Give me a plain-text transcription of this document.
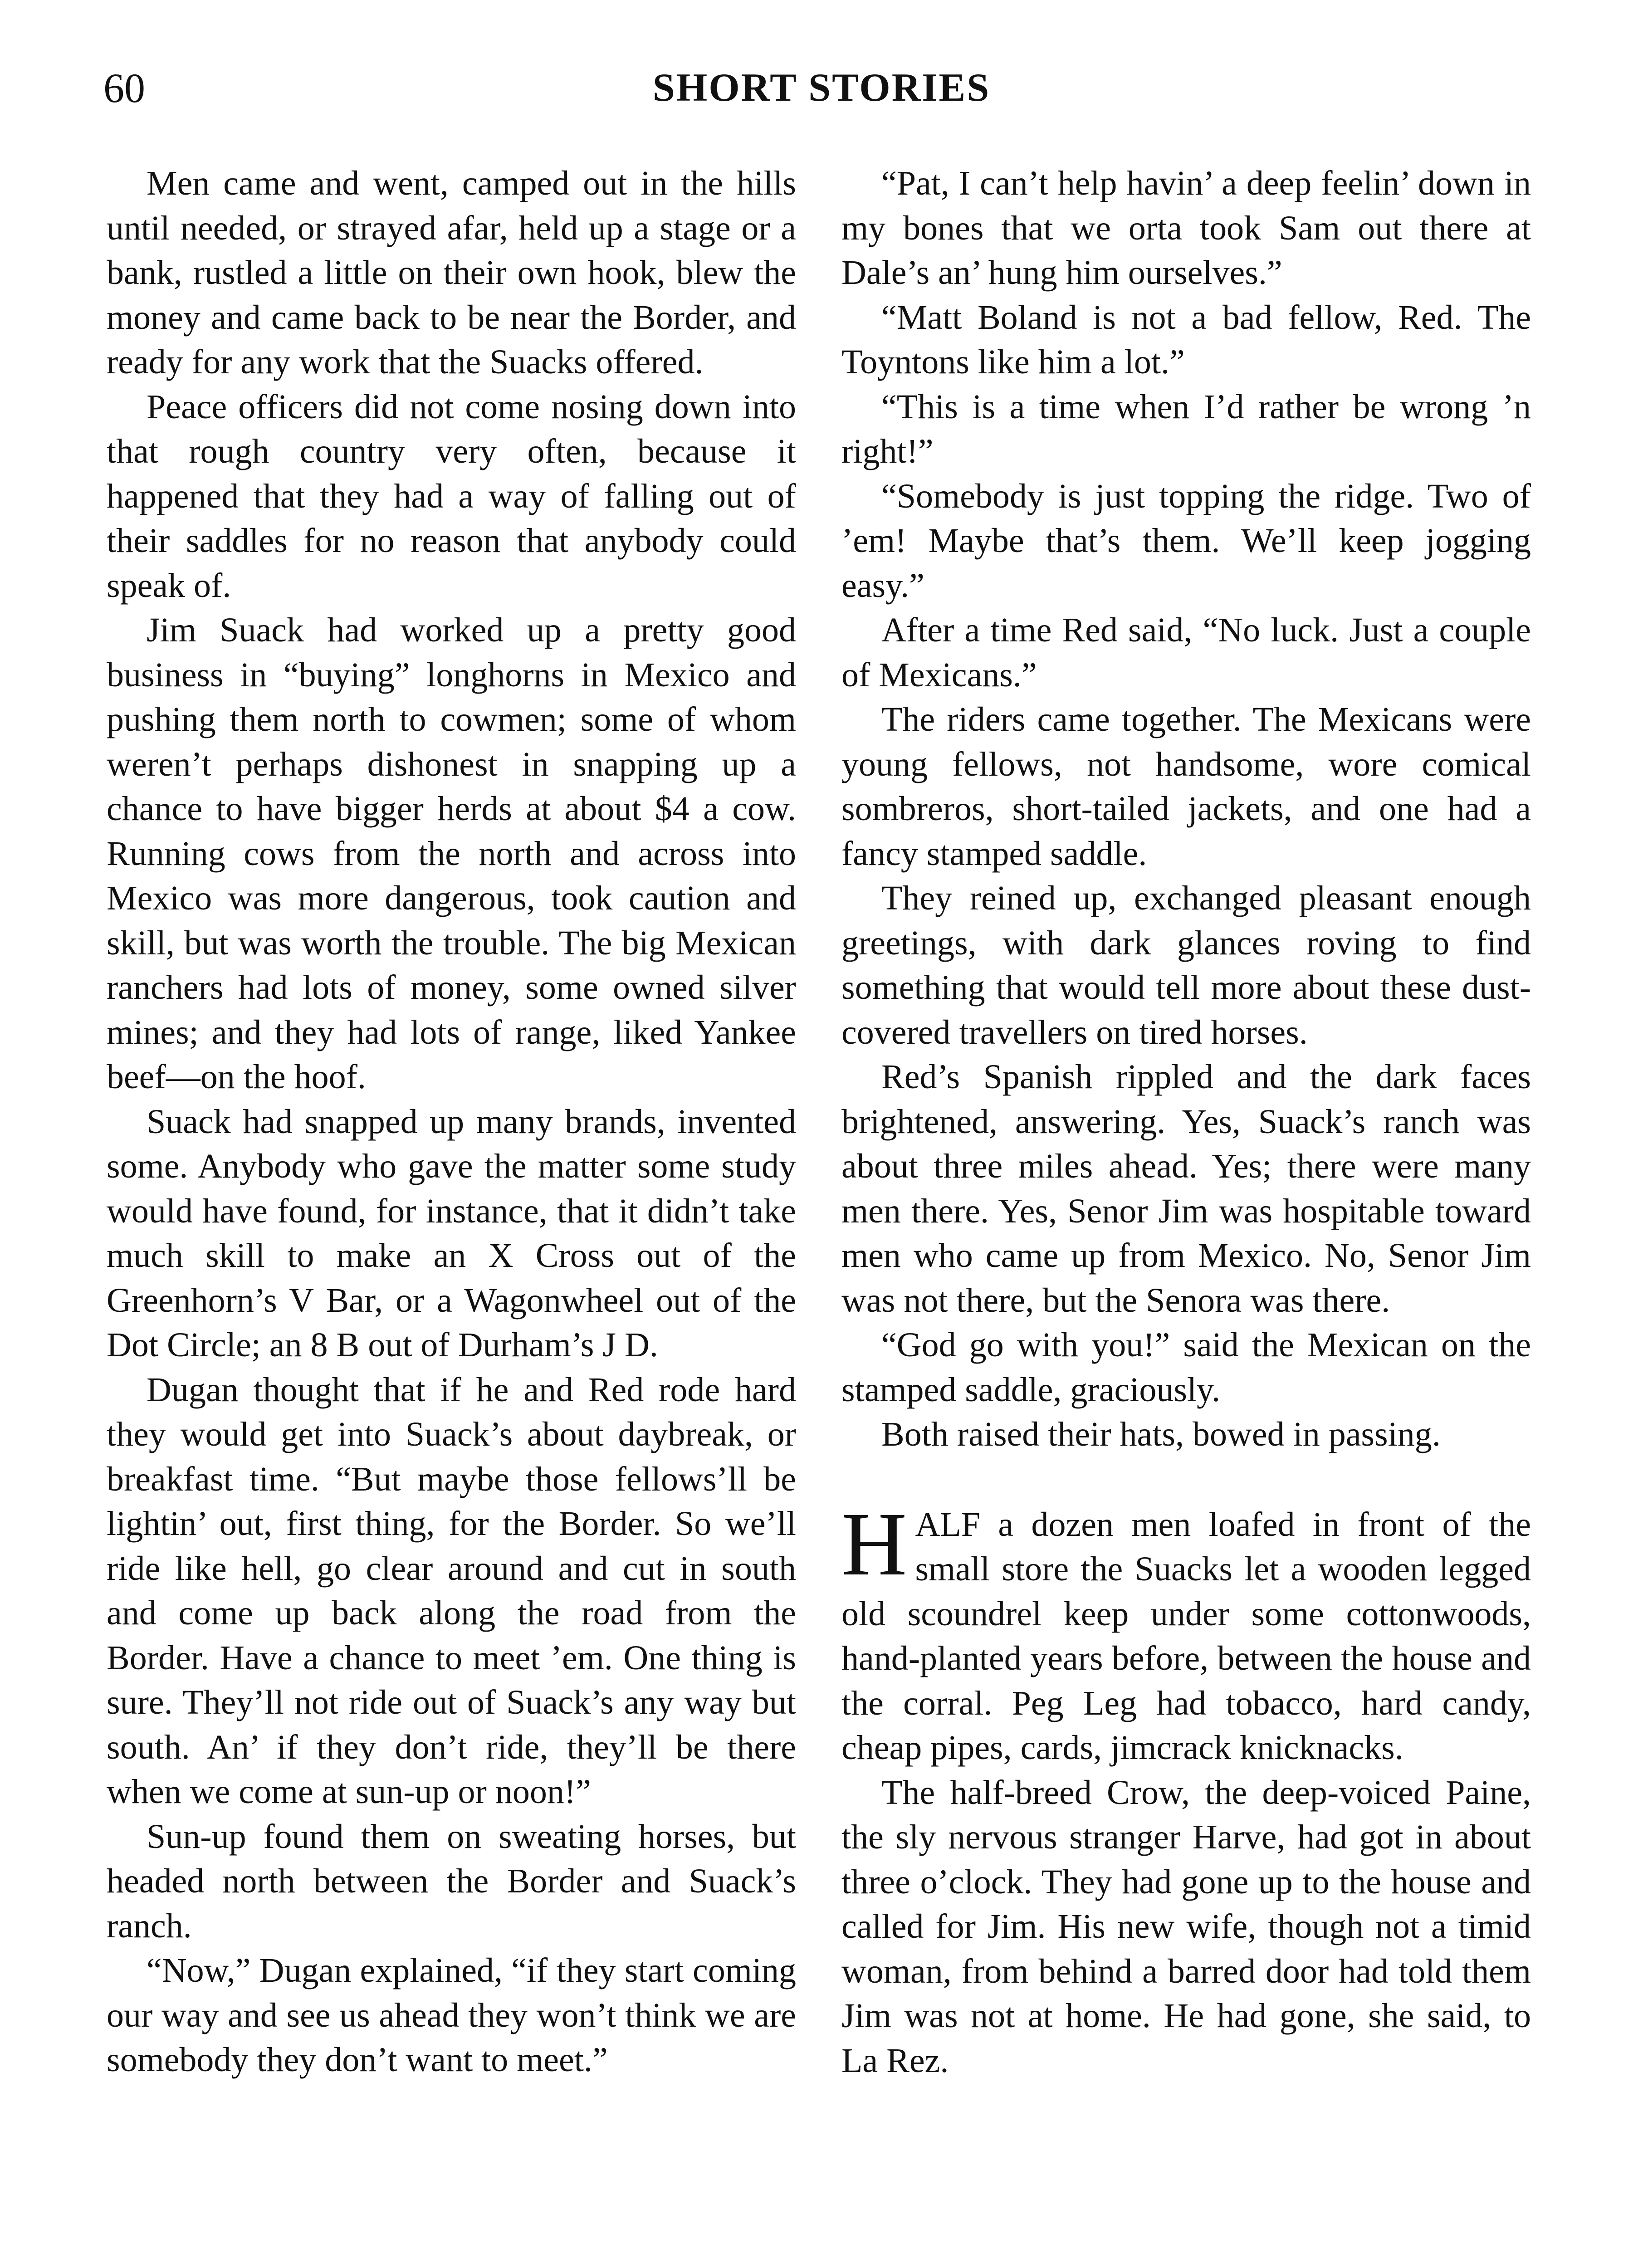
60	SHORT STORIES

Men came and went, camped out in the hills until needed, or strayed afar, held up a stage or a bank, rustled a little on their own hook, blew the money and came back to be near the Border, and ready for any work that the Suacks offered.

Peace officers did not come nosing down into that rough country very often, because it happened that they had a way of falling out of their saddles for no reason that anybody could speak of.

Jim Suack had worked up a pretty good business in “buying” longhorns in Mexico and pushing them north to cowmen; some of whom weren’t perhaps dishonest in snapping up a chance to have bigger herds at about $4 a cow. Running cows from the north and across into Mexico was more dangerous, took caution and skill, but was worth the trouble. The big Mexican ranchers had lots of money, some owned silver mines; and they had lots of range, liked Yankee beef—on the hoof.

Suack had snapped up many brands, invented some. Anybody who gave the matter some study would have found, for instance, that it didn’t take much skill to make an X Cross out of the Greenhorn’s V Bar, or a Wagonwheel out of the Dot Circle; an 8 B out of Durham’s J D.

Dugan thought that if he and Red rode hard they would get into Suack’s about daybreak, or breakfast time. “But maybe those fellows’ll be lightin’ out, first thing, for the Border. So we’ll ride like hell, go clear around and cut in south and come up back along the road from the Border. Have a chance to meet ’em. One thing is sure. They’ll not ride out of Suack’s any way but south. An’ if they don’t ride, they’ll be there when we come at sun-up or noon!”

Sun-up found them on sweating horses, but headed north between the Border and Suack’s ranch.

“Now,” Dugan explained, “if they start coming our way and see us ahead they won’t think we are somebody they don’t want to meet.”

“Pat, I can’t help havin’ a deep feelin’ down in my bones that we orta took Sam out there at Dale’s an’ hung him ourselves.”

“Matt Boland is not a bad fellow, Red. The Toyntons like him a lot.”

“This is a time when I’d rather be wrong ’n right!”

“Somebody is just topping the ridge. Two of ’em! Maybe that’s them. We’ll keep jogging easy.”

After a time Red said, “No luck. Just a couple of Mexicans.”

The riders came together. The Mexicans were young fellows, not handsome, wore comical sombreros, short-tailed jackets, and one had a fancy stamped saddle.

They reined up, exchanged pleasant enough greetings, with dark glances roving to find something that would tell more about these dust-covered travellers on tired horses.

Red’s Spanish rippled and the dark faces brightened, answering. Yes, Suack’s ranch was about three miles ahead. Yes; there were many men there. Yes, Senor Jim was hospitable toward men who came up from Mexico. No, Senor Jim was not there, but the Senora was there.

“God go with you!” said the Mexican on the stamped saddle, graciously.

Both raised their hats, bowed in passing.

HALF a dozen men loafed in front of the small store the Suacks let a wooden legged old scoundrel keep under some cottonwoods, hand-planted years before, between the house and the corral. Peg Leg had tobacco, hard candy, cheap pipes, cards, jimcrack knicknacks.

The half-breed Crow, the deep-voiced Paine, the sly nervous stranger Harve, had got in about three o’clock. They had gone up to the house and called for Jim. His new wife, though not a timid woman, from behind a barred door had told them Jim was not at home. He had gone, she said, to La Rez.
